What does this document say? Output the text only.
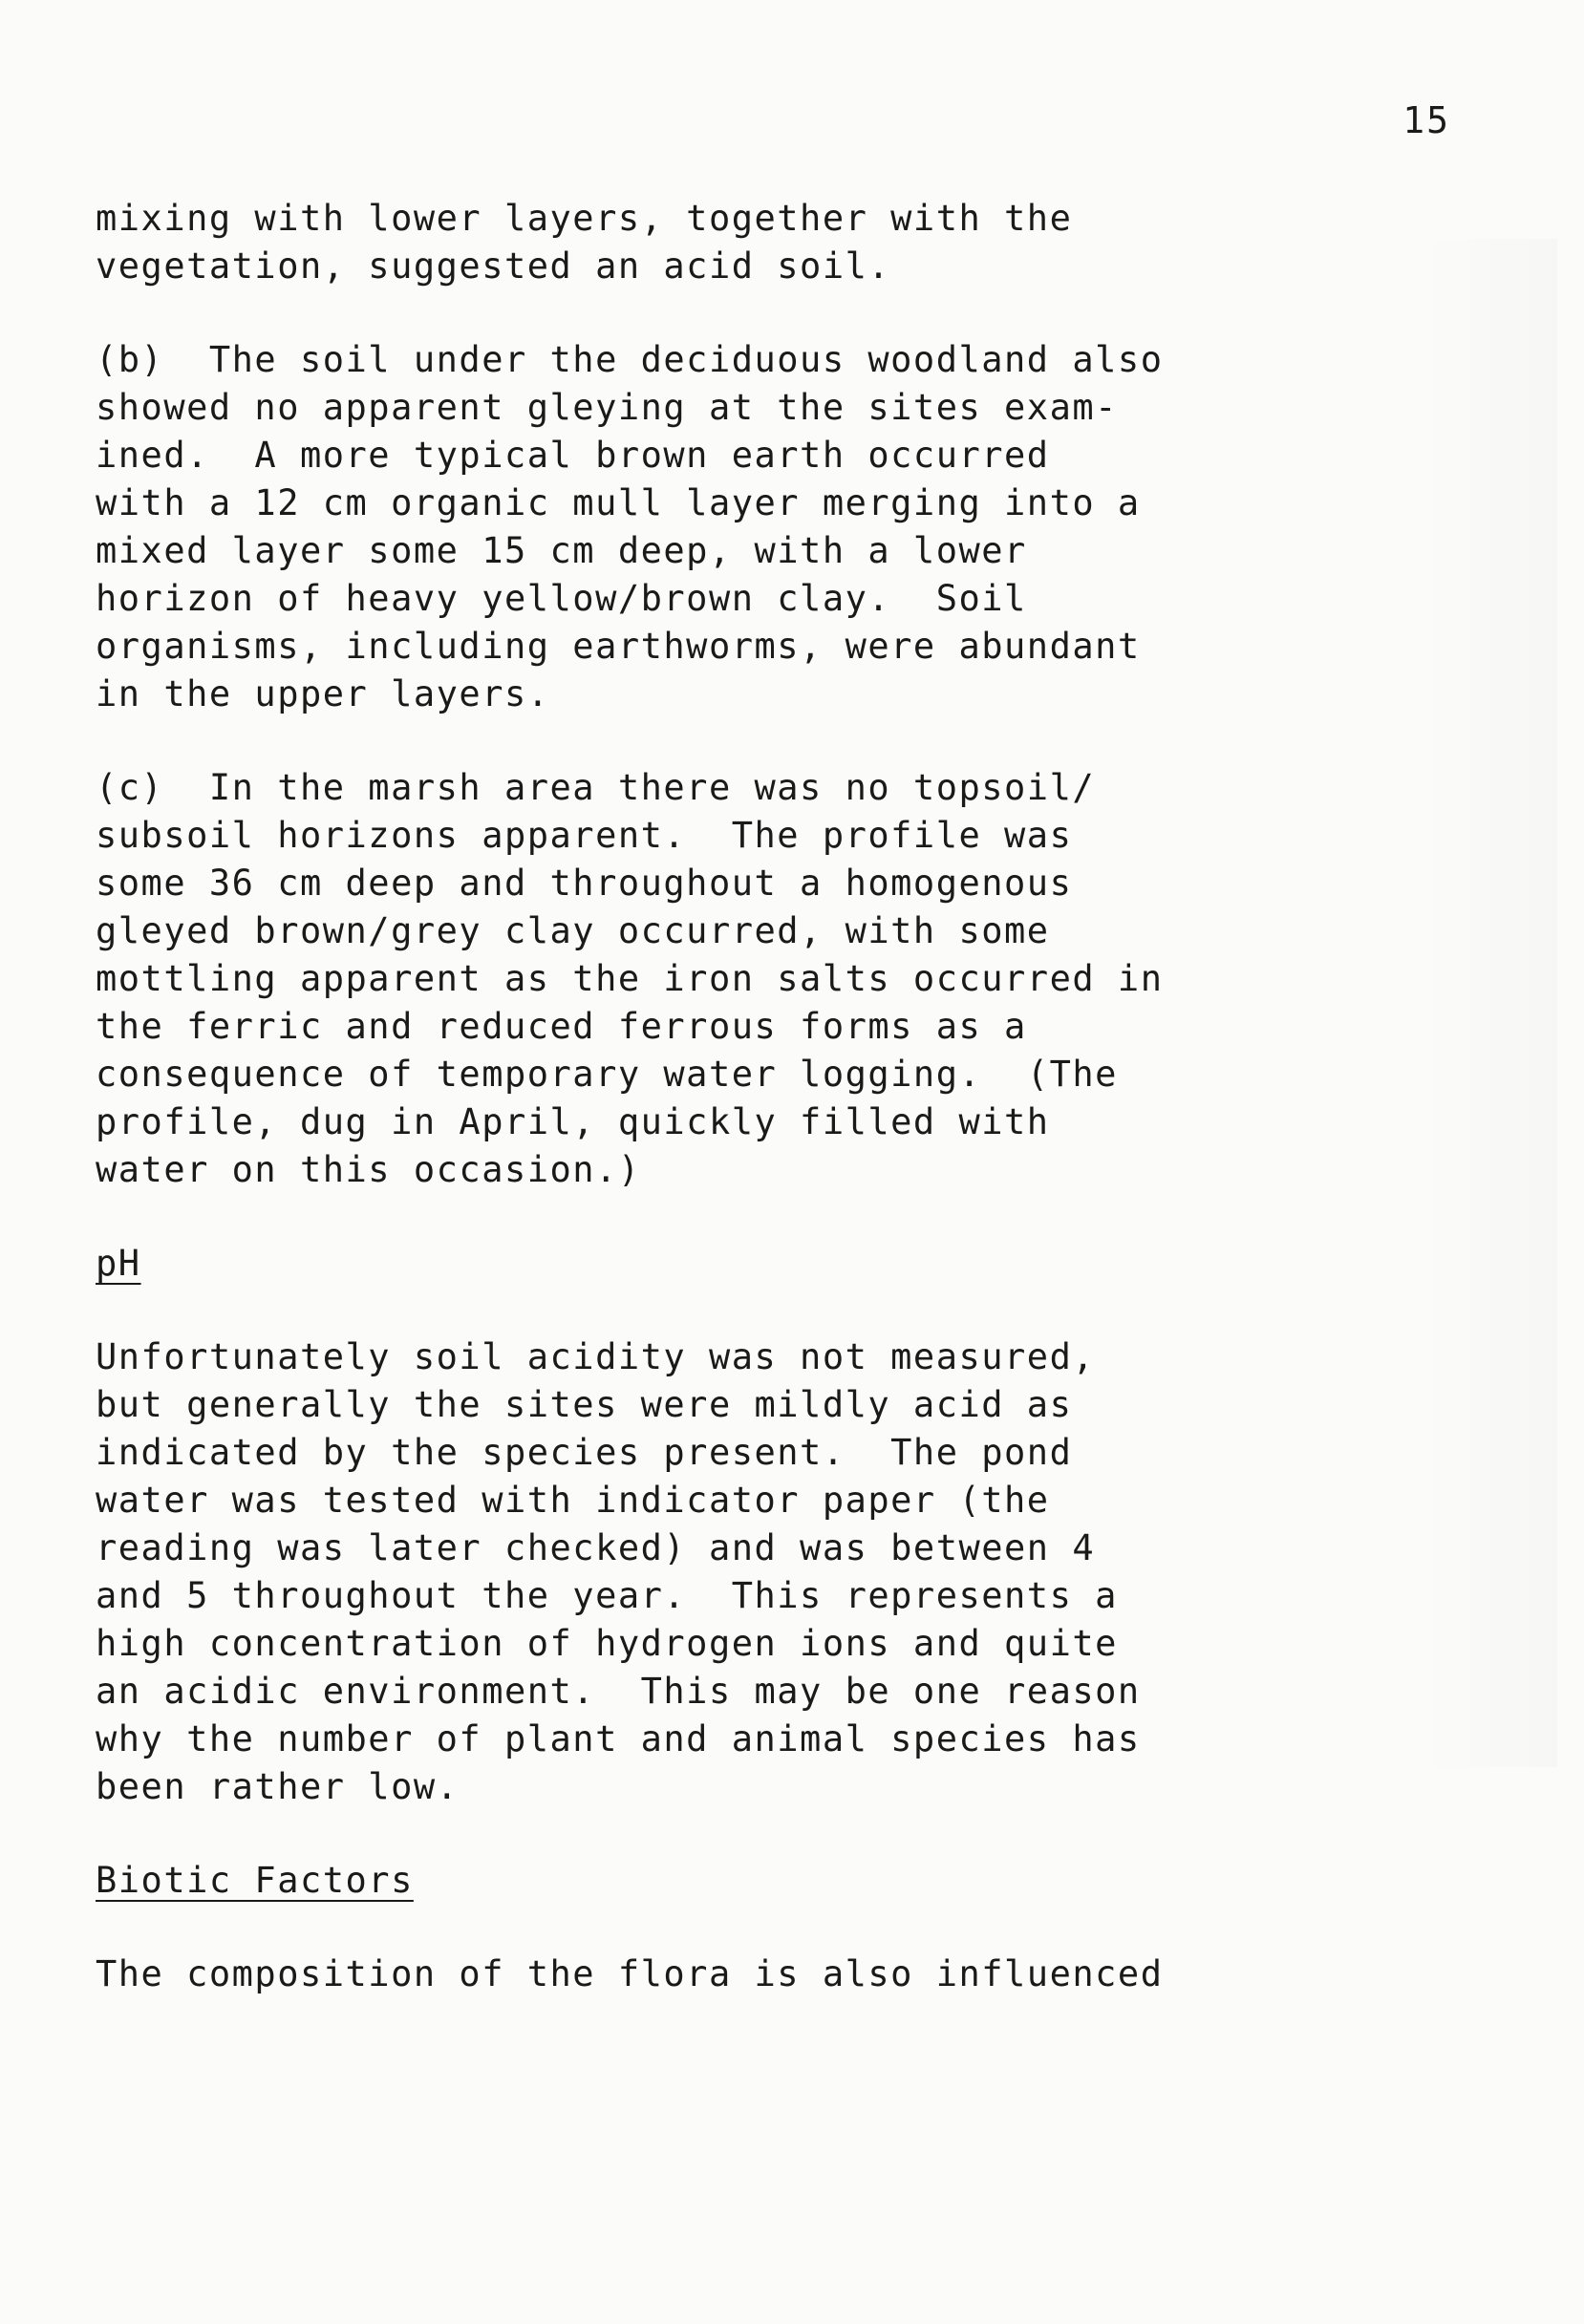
15
mixing with lower layers, together with the
vegetation, suggested an acid soil.
(b)  The soil under the deciduous woodland also
showed no apparent gleying at the sites exam-
ined.  A more typical brown earth occurred
with a 12 cm organic mull layer merging into a
mixed layer some 15 cm deep, with a lower
horizon of heavy yellow/brown clay.  Soil
organisms, including earthworms, were abundant
in the upper layers.
(c)  In the marsh area there was no topsoil/
subsoil horizons apparent.  The profile was
some 36 cm deep and throughout a homogenous
gleyed brown/grey clay occurred, with some
mottling apparent as the iron salts occurred in
the ferric and reduced ferrous forms as a
consequence of temporary water logging.  (The
profile, dug in April, quickly filled with
water on this occasion.)
pH
Unfortunately soil acidity was not measured,
but generally the sites were mildly acid as
indicated by the species present.  The pond
water was tested with indicator paper (the
reading was later checked) and was between 4
and 5 throughout the year.  This represents a
high concentration of hydrogen ions and quite
an acidic environment.  This may be one reason
why the number of plant and animal species has
been rather low.
Biotic Factors
The composition of the flora is also influenced
